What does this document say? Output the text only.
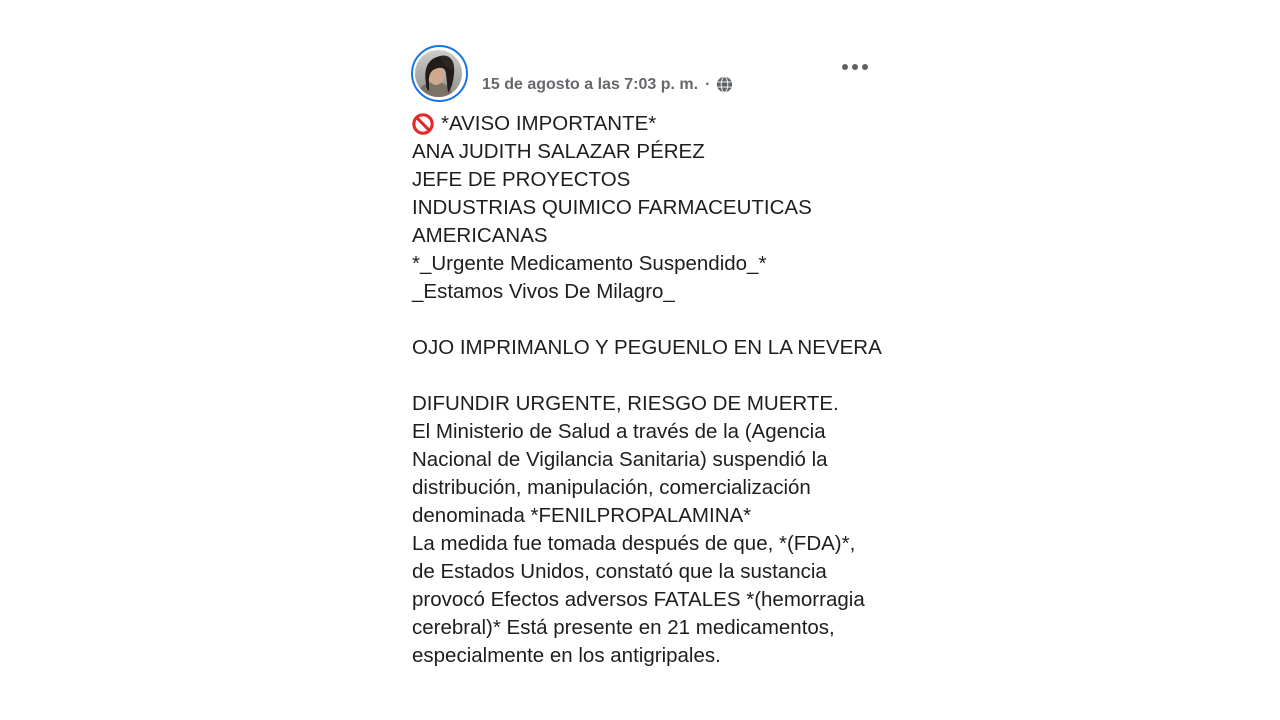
15 de agosto a las 7:03 p. m. ·
*AVISO IMPORTANTE*
ANA JUDITH SALAZAR PÉREZ
JEFE DE PROYECTOS
INDUSTRIAS QUIMICO FARMACEUTICAS
AMERICANAS
*_Urgente Medicamento Suspendido_*
_Estamos Vivos De Milagro_
OJO IMPRIMANLO Y PEGUENLO EN LA NEVERA
DIFUNDIR URGENTE, RIESGO DE MUERTE.
El Ministerio de Salud a través de la (Agencia
Nacional de Vigilancia Sanitaria) suspendió la
distribución, manipulación, comercialización
denominada *FENILPROPALAMINA*
La medida fue tomada después de que, *(FDA)*,
de Estados Unidos, constató que la sustancia
provocó Efectos adversos FATALES *(hemorragia
cerebral)* Está presente en 21 medicamentos,
especialmente en los antigripales.
